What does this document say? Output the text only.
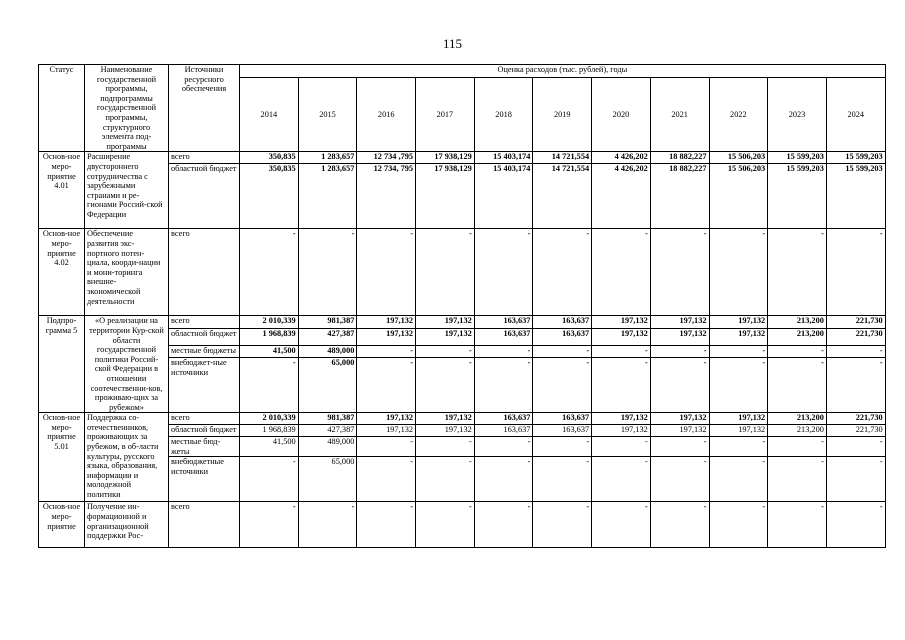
115
Статус	Наименование государственной программы, подпрограммы государственной программы, структурного элемента под-программы	Источники ресурсного обеспечения	Оценка расходов (тыс. рублей), годы										
			2014	2015	2016	2017	2018	2019	2020	2021	2022	2023	2024
Основ-ное меро-приятие 4.01	Расширение двустороннего сотрудничества с зарубежными странами и ре-гионами Россий-ской Федерации	всего	350,835	1 283,657	12 734 ,795	17 938,129	15 403,174	14 721,554	4 426,202	18 882,227	15 506,203	15 599,203	15 599,203
		областной бюджет	350,835	1 283,657	12 734, 795	17 938,129	15 403,174	14 721,554	4 426,202	18 882,227	15 506,203	15 599,203	15 599,203
Основ-ное меро-приятие 4.02	Обеспечение развития экс-портного потен-циала, коорди-нации и мони-торинга внешне-экономической деятельности	всего	-	-	-	-	-	-	-	-	-	-	-
Подпро-грамма 5	«О реализации на территории Кур-ской области государственной политики Россий-ской Федерации в отношении соотечественни-ков, проживаю-щих за рубежом»	всего	2 010,339	981,387	197,132	197,132	163,637	163,637	197,132	197,132	197,132	213,200	221,730
		областной бюджет	1 968,839	427,387	197,132	197,132	163,637	163,637	197,132	197,132	197,132	213,200	221,730
		местные бюджеты	41,500	489,000	-	-	-	-	-	-	-	-	-
		внебюджет-ные источники	-	65,000	-	-	-	-	-	-	-	-	-
Основ-ное меро-приятие 5.01	Поддержка со-отечественников, проживающих за рубежом, в об-ласти культуры, русского языка, образования, информации и молодежной политики	всего	2 010,339	981,387	197,132	197,132	163,637	163,637	197,132	197,132	197,132	213,200	221,730
		областной бюджет	1 968,839	427,387	197,132	197,132	163,637	163,637	197,132	197,132	197,132	213,200	221,730
		местные бюд-жеты	41,500	489,000	-	-	-	-	-	-	-	-	-
		внебюджетные источники	-	65,000	-	-	-	-	-	-	-	-	-
Основ-ное меро-приятие	Получение ин-формационной и организационной поддержки Рос-	всего	-	-	-	-	-	-	-	-	-	-	-
